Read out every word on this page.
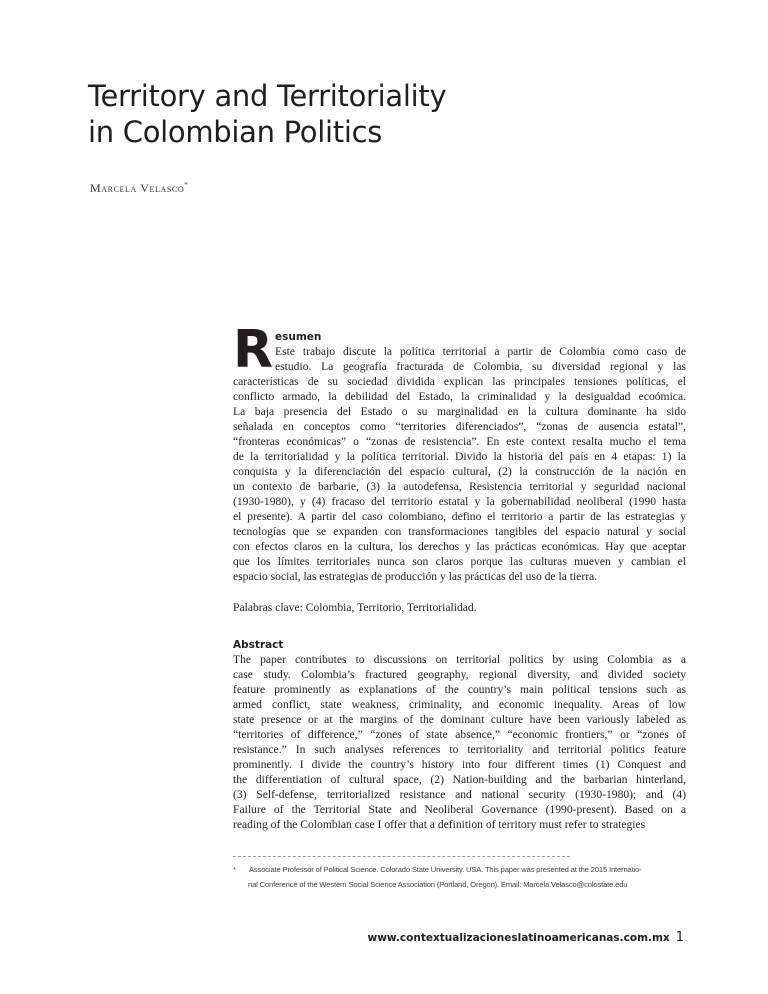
Territory and Territoriality
in Colombian Politics
Marcela Velasco*
R esumen
Este trabajo discute la política territorial a partir de Colombia como caso de
estudio. La geografía fracturada de Colombia, su diversidad regional y las
características de su sociedad dividida explican las principales tensiones políticas, el
conflicto armado, la debilidad del Estado, la criminalidad y la desigualdad ecoómica.
La baja presencia del Estado o su marginalidad en la cultura dominante ha sido
señalada en conceptos como “territories diferenciados”, “zonas de ausencia estatal”,
“fronteras económicas” o “zonas de resistencia”. En este context resalta mucho el tema
de la territorialidad y la política territorial. Divido la historia del país en 4 etapas: 1) la
conquista y la diferenciación del espacio cultural, (2) la construcción de la nación en
un contexto de barbarie, (3) la autodefensa, Resistencia territorial y seguridad nacional
(1930-1980), y (4) fracaso del territorio estatal y la gobernabilidad neoliberal (1990 hasta
el presente). A partir del caso colombiano, defino el territorio a partir de las estrategias y
tecnologías que se expanden con transformaciones tangibles del espacio natural y social
con efectos claros en la cultura, los derechos y las prácticas económicas. Hay que aceptar
que los límites territoriales nunca son claros porque las culturas mueven y cambian el
espacio social, las estrategias de producción y las prácticas del uso de la tierra.
Palabras clave: Colombia, Territorio, Territorialidad.
Abstract
The paper contributes to discussions on territorial politics by using Colombia as a
case study. Colombia’s fractured geography, regional diversity, and divided society
feature prominently as explanations of the country’s main political tensions such as
armed conflict, state weakness, criminality, and economic inequality. Areas of low
state presence or at the margins of the dominant culture have been variously labeled as
“territories of difference,” “zones of state absence,” “economic frontiers,” or “zones of
resistance.” In such analyses references to territoriality and territorial politics feature
prominently. I divide the country’s history into four different times (1) Conquest and
the differentiation of cultural space, (2) Nation-building and the barbarian hinterland,
(3) Self-defense, territorialized resistance and national security (1930-1980); and (4)
Failure of the Territorial State and Neoliberal Governance (1990-present). Based on a
reading of the Colombian case I offer that a definition of territory must refer to strategies
* Associate Professor of Political Science. Colorado State University. USA. This paper was presented at the 2015 Internatio-
nal Conference of the Western Social Science Association (Portland, Oregon). Email: Marcela.Velasco@colostate.edu
www.contextualizacioneslatinoamericanas.com.mx 1
